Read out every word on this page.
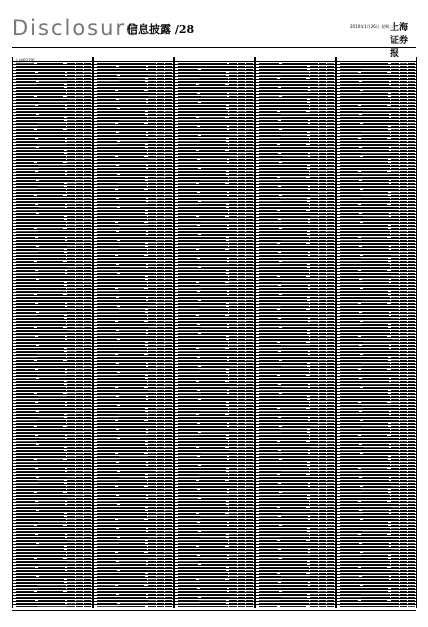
Disclosure
信息披露 /28	2010年1月26日 星期二
上海证券报
上接B27版
